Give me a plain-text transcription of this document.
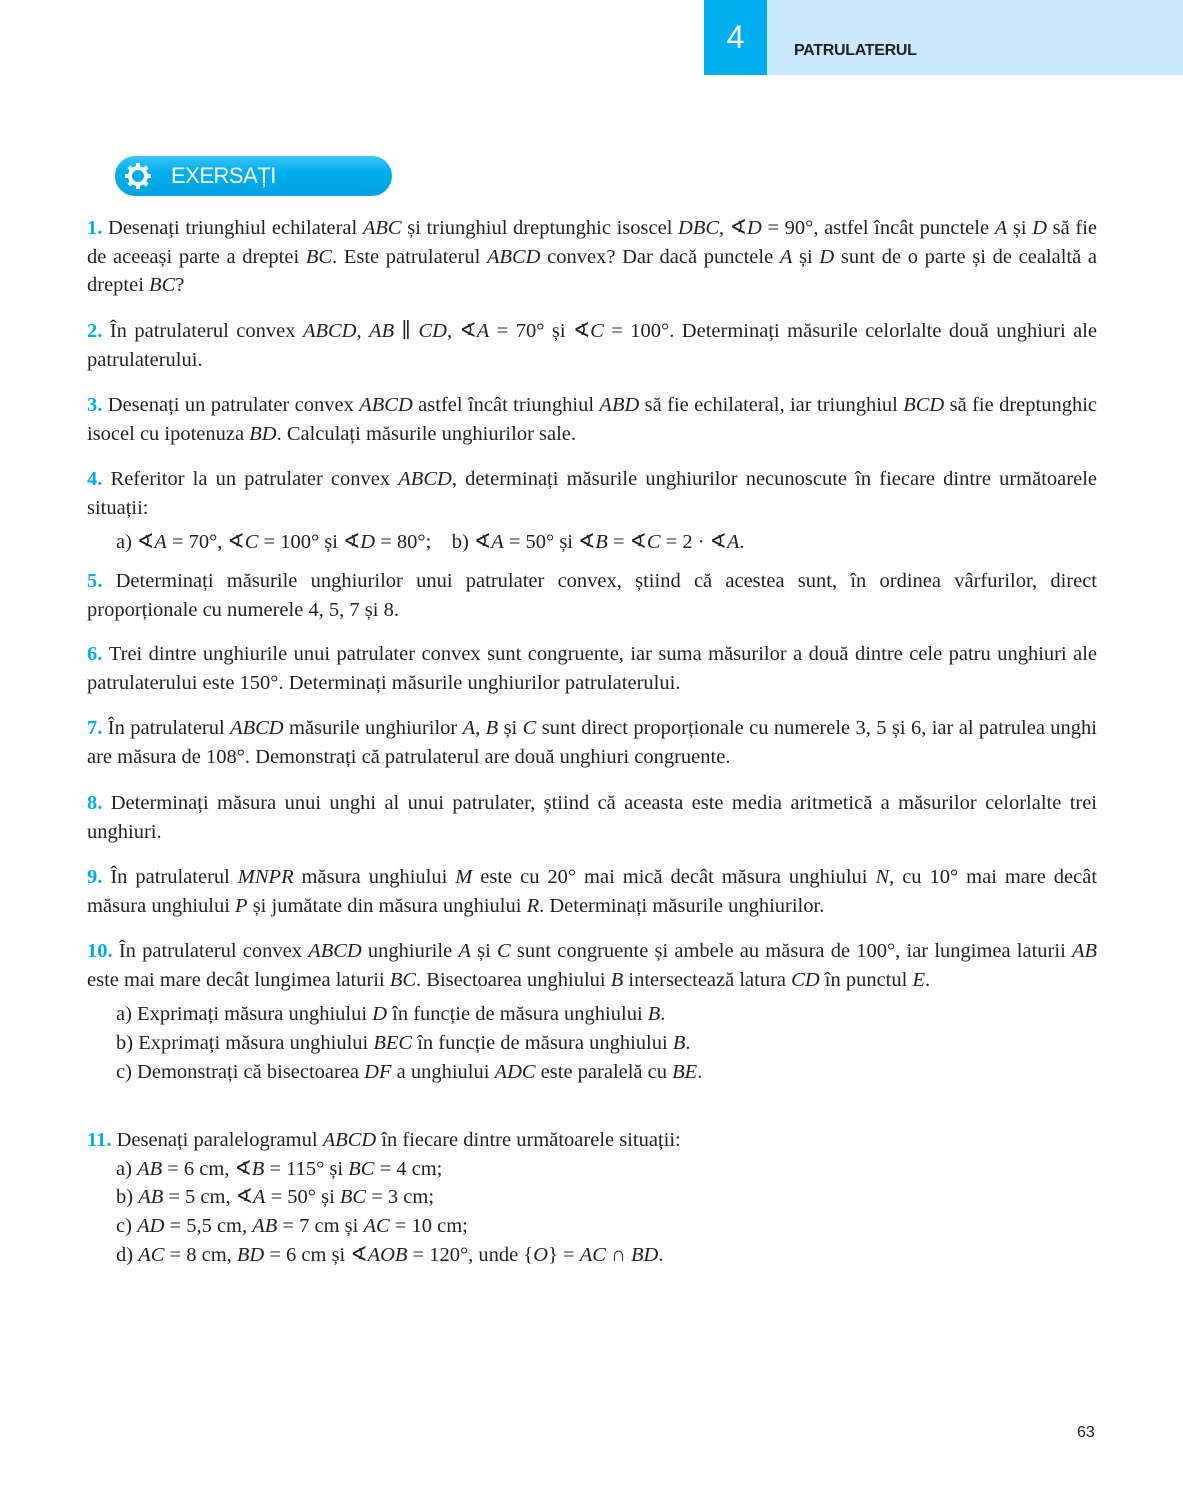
4	PATRULATERUL
EXERSAȚI
1. Desenați triunghiul echilateral ABC și triunghiul dreptunghic isoscel DBC, ∢D = 90°, astfel încât punctele A și D să fie de aceeași parte a dreptei BC. Este patrulaterul ABCD convex? Dar dacă punctele A și D sunt de o parte și de cealaltă a dreptei BC?
2. În patrulaterul convex ABCD, AB ∥ CD, ∢A = 70° și ∢C = 100°. Determinați măsurile celorlalte două unghiuri ale patrulaterului.
3. Desenați un patrulater convex ABCD astfel încât triunghiul ABD să fie echilateral, iar triunghiul BCD să fie dreptunghic isocel cu ipotenuza BD. Calculați măsurile unghiurilor sale.
4. Referitor la un patrulater convex ABCD, determinați măsurile unghiurilor necunoscute în fiecare dintre următoarele situații:
a) ∢A = 70°, ∢C = 100° și ∢D = 80°;    b) ∢A = 50° și ∢B = ∢C = 2 · ∢A.
5. Determinați măsurile unghiurilor unui patrulater convex, știind că acestea sunt, în ordinea vârfurilor, direct proporționale cu numerele 4, 5, 7 și 8.
6. Trei dintre unghiurile unui patrulater convex sunt congruente, iar suma măsurilor a două dintre cele patru unghiuri ale patrulaterului este 150°. Determinați măsurile unghiurilor patrulaterului.
7. În patrulaterul ABCD măsurile unghiurilor A, B și C sunt direct proporționale cu numerele 3, 5 și 6, iar al patrulea unghi are măsura de 108°. Demonstrați că patrulaterul are două unghiuri congruente.
8. Determinați măsura unui unghi al unui patrulater, știind că aceasta este media aritmetică a măsurilor celorlalte trei unghiuri.
9. În patrulaterul MNPR măsura unghiului M este cu 20° mai mică decât măsura unghiului N, cu 10° mai mare decât măsura unghiului P și jumătate din măsura unghiului R. Determinați măsurile unghiurilor.
10. În patrulaterul convex ABCD unghiurile A și C sunt congruente și ambele au măsura de 100°, iar lungimea laturii AB este mai mare decât lungimea laturii BC. Bisectoarea unghiului B intersectează latura CD în punctul E.
a) Exprimați măsura unghiului D în funcție de măsura unghiului B.
b) Exprimați măsura unghiului BEC în funcție de măsura unghiului B.
c) Demonstrați că bisectoarea DF a unghiului ADC este paralelă cu BE.
11. Desenați paralelogramul ABCD în fiecare dintre următoarele situații:
a) AB = 6 cm, ∢B = 115° și BC = 4 cm;
b) AB = 5 cm, ∢A = 50° și BC = 3 cm;
c) AD = 5,5 cm, AB = 7 cm și AC = 10 cm;
d) AC = 8 cm, BD = 6 cm și ∢AOB = 120°, unde {O} = AC ∩ BD.
63
